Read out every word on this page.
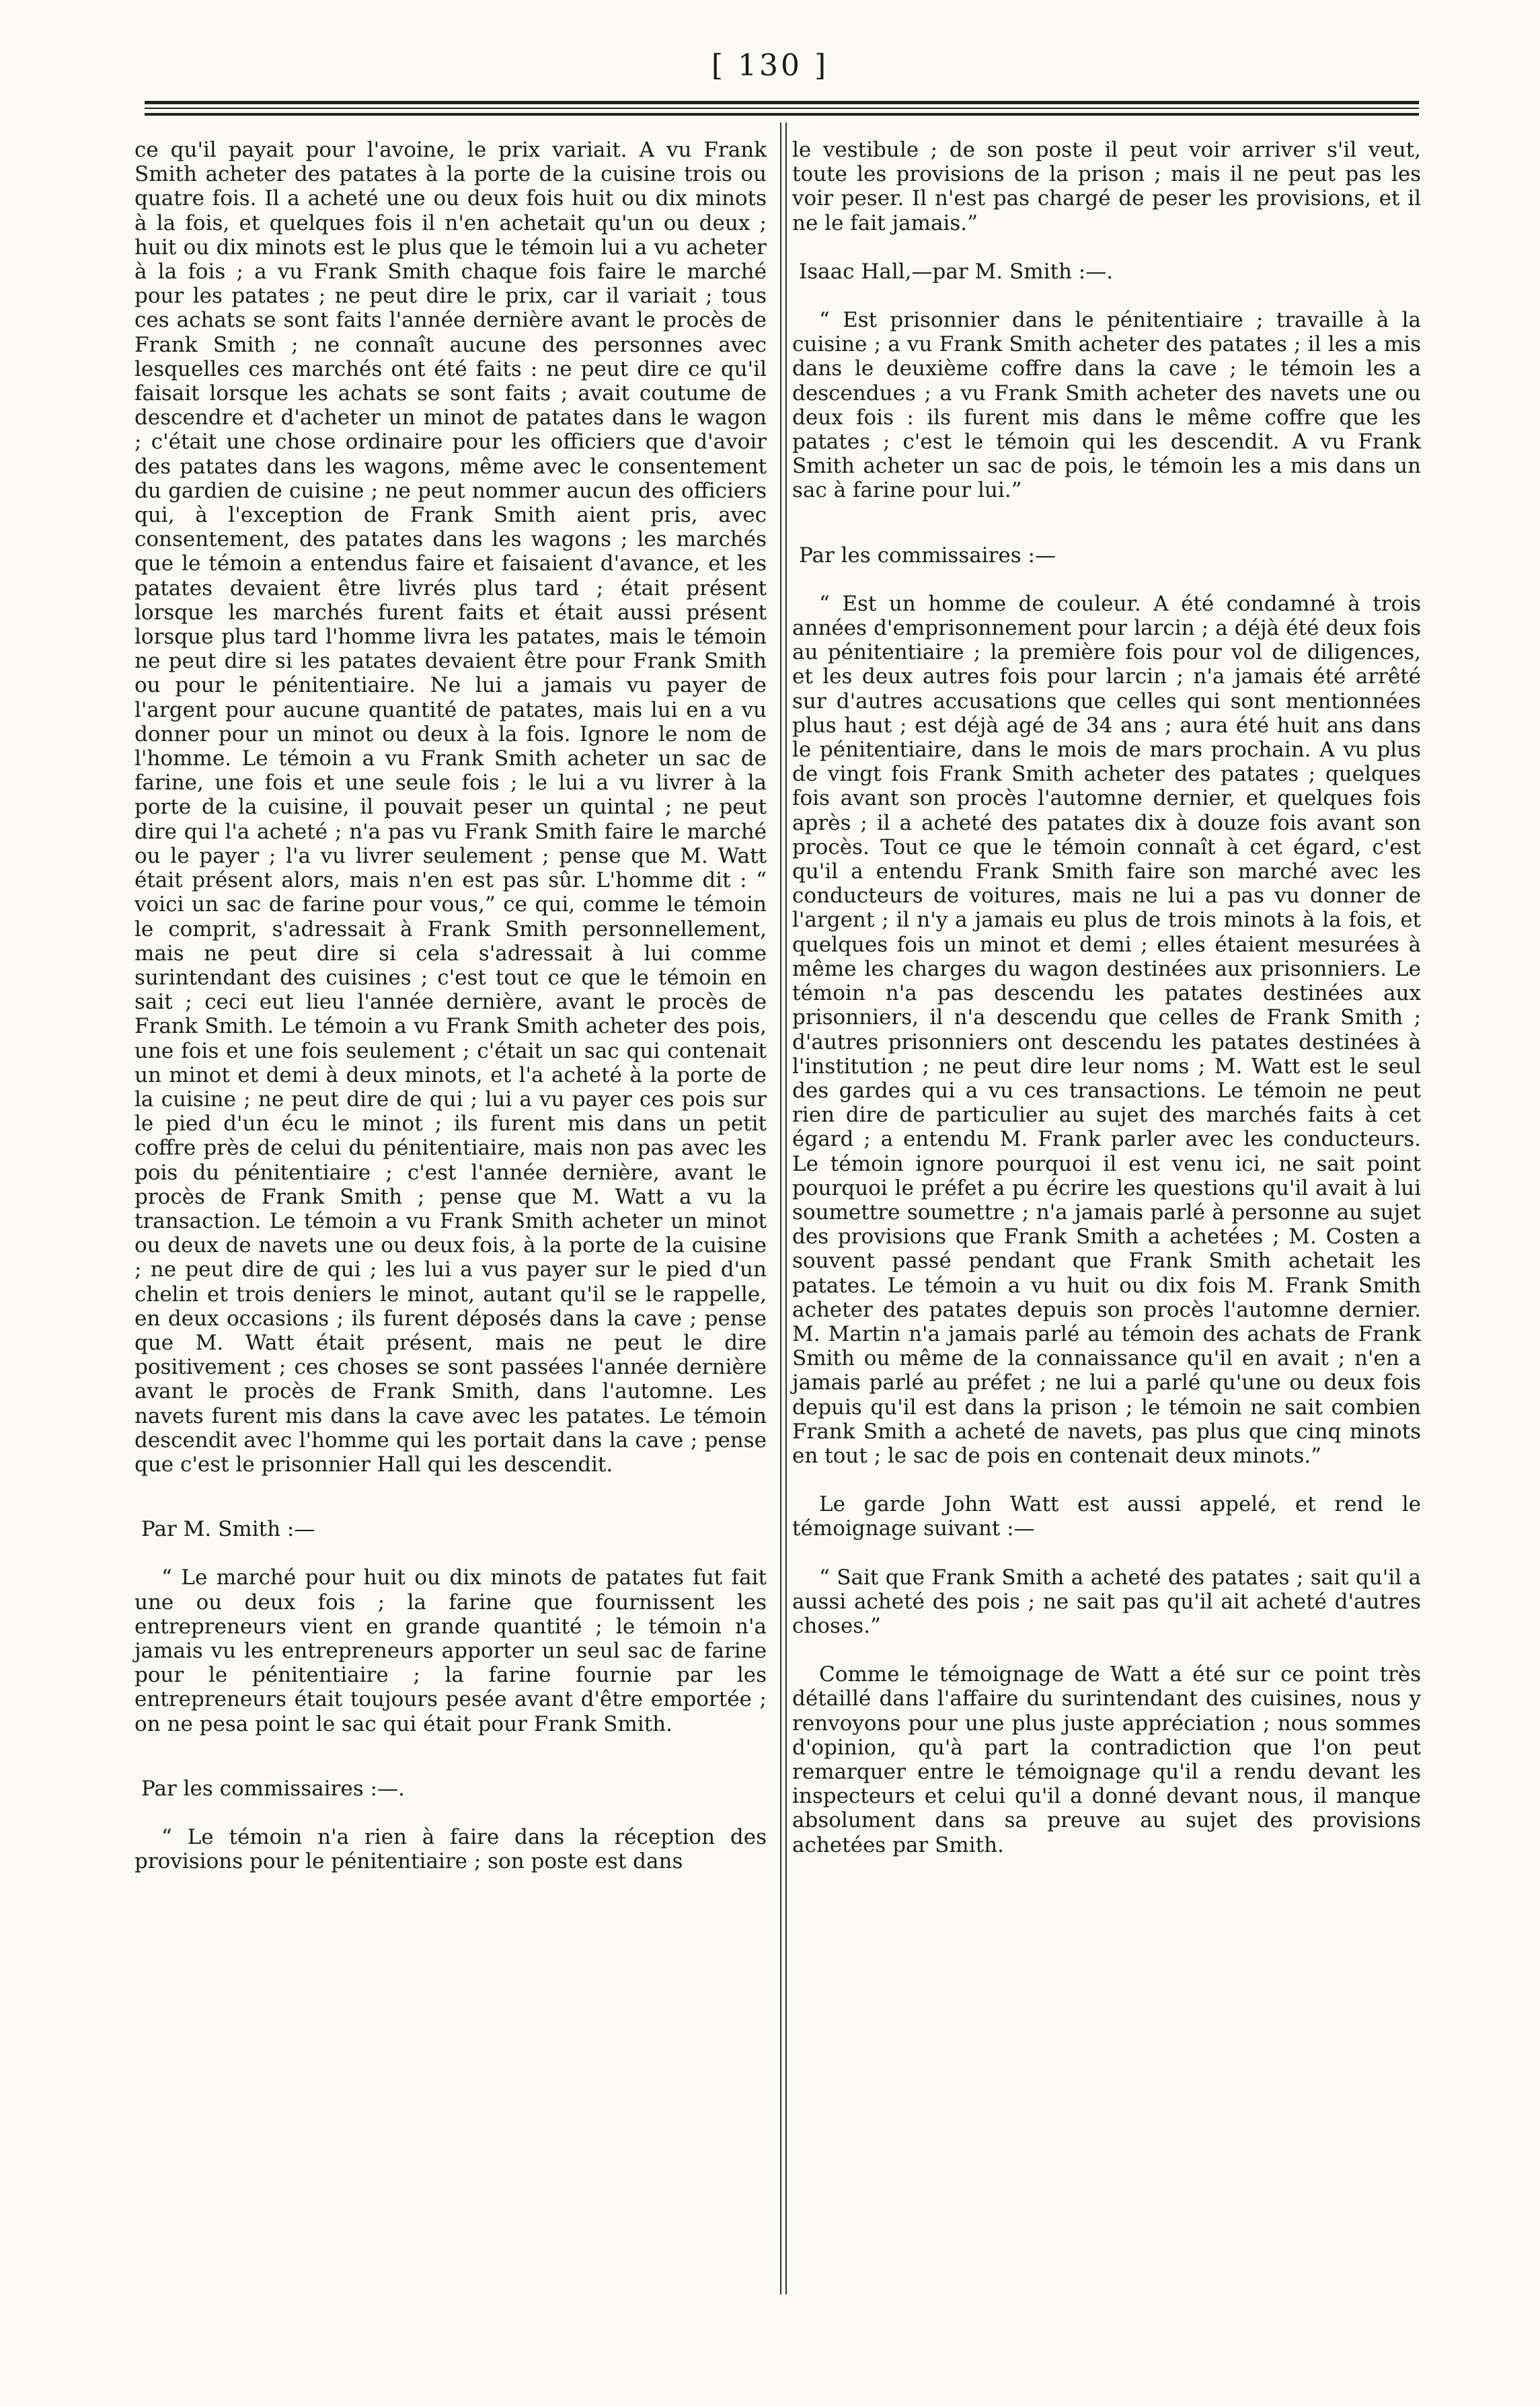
[ 130 ]

ce qu'il payait pour l'avoine, le prix variait. A vu Frank Smith acheter des patates à la porte de la cuisine trois ou quatre fois. Il a acheté une ou deux fois huit ou dix minots à la fois, et quelques fois il n'en achetait qu'un ou deux ; huit ou dix minots est le plus que le témoin lui a vu acheter à la fois ; a vu Frank Smith chaque fois faire le marché pour les patates ; ne peut dire le prix, car il variait ; tous ces achats se sont faits l'année dernière avant le procès de Frank Smith ; ne connaît aucune des personnes avec lesquelles ces marchés ont été faits : ne peut dire ce qu'il faisait lorsque les achats se sont faits ; avait coutume de descendre et d'acheter un minot de patates dans le wagon ; c'était une chose ordinaire pour les officiers que d'avoir des patates dans les wagons, même avec le consentement du gardien de cuisine ; ne peut nommer aucun des officiers qui, à l'exception de Frank Smith aient pris, avec consentement, des patates dans les wagons ; les marchés que le témoin a entendus faire et faisaient d'avance, et les patates devaient être livrés plus tard ; était présent lorsque les marchés furent faits et était aussi présent lorsque plus tard l'homme livra les patates, mais le témoin ne peut dire si les patates devaient être pour Frank Smith ou pour le pénitentiaire. Ne lui a jamais vu payer de l'argent pour aucune quantité de patates, mais lui en a vu donner pour un minot ou deux à la fois. Ignore le nom de l'homme. Le témoin a vu Frank Smith acheter un sac de farine, une fois et une seule fois ; le lui a vu livrer à la porte de la cuisine, il pouvait peser un quintal ; ne peut dire qui l'a acheté ; n'a pas vu Frank Smith faire le marché ou le payer ; l'a vu livrer seulement ; pense que M. Watt était présent alors, mais n'en est pas sûr. L'homme dit : “ voici un sac de farine pour vous,” ce qui, comme le témoin le comprit, s'adressait à Frank Smith personnellement, mais ne peut dire si cela s'adressait à lui comme surintendant des cuisines ; c'est tout ce que le témoin en sait ; ceci eut lieu l'année dernière, avant le procès de Frank Smith. Le témoin a vu Frank Smith acheter des pois, une fois et une fois seulement ; c'était un sac qui contenait un minot et demi à deux minots, et l'a acheté à la porte de la cuisine ; ne peut dire de qui ; lui a vu payer ces pois sur le pied d'un écu le minot ; ils furent mis dans un petit coffre près de celui du pénitentiaire, mais non pas avec les pois du pénitentiaire ; c'est l'année dernière, avant le procès de Frank Smith ; pense que M. Watt a vu la transaction. Le témoin a vu Frank Smith acheter un minot ou deux de navets une ou deux fois, à la porte de la cuisine ; ne peut dire de qui ; les lui a vus payer sur le pied d'un chelin et trois deniers le minot, autant qu'il se le rappelle, en deux occasions ; ils furent déposés dans la cave ; pense que M. Watt était présent, mais ne peut le dire positivement ; ces choses se sont passées l'année dernière avant le procès de Frank Smith, dans l'automne. Les navets furent mis dans la cave avec les patates. Le témoin descendit avec l'homme qui les portait dans la cave ; pense que c'est le prisonnier Hall qui les descendit.

Par M. Smith :—

“ Le marché pour huit ou dix minots de patates fut fait une ou deux fois ; la farine que fournissent les entrepreneurs vient en grande quantité ; le témoin n'a jamais vu les entrepreneurs apporter un seul sac de farine pour le pénitentiaire ; la farine fournie par les entrepreneurs était toujours pesée avant d'être emportée ; on ne pesa point le sac qui était pour Frank Smith.

Par les commissaires :—.

“ Le témoin n'a rien à faire dans la réception des provisions pour le pénitentiaire ; son poste est dans

le vestibule ; de son poste il peut voir arriver s'il veut, toute les provisions de la prison ; mais il ne peut pas les voir peser. Il n'est pas chargé de peser les provisions, et il ne le fait jamais.”

Isaac Hall,—par M. Smith :—.

“ Est prisonnier dans le pénitentiaire ; travaille à la cuisine ; a vu Frank Smith acheter des patates ; il les a mis dans le deuxième coffre dans la cave ; le témoin les a descendues ; a vu Frank Smith acheter des navets une ou deux fois : ils furent mis dans le même coffre que les patates ; c'est le témoin qui les descendit. A vu Frank Smith acheter un sac de pois, le témoin les a mis dans un sac à farine pour lui.”

Par les commissaires :—

“ Est un homme de couleur. A été condamné à trois années d'emprisonnement pour larcin ; a déjà été deux fois au pénitentiaire ; la première fois pour vol de diligences, et les deux autres fois pour larcin ; n'a jamais été arrêté sur d'autres accusations que celles qui sont mentionnées plus haut ; est déjà agé de 34 ans ; aura été huit ans dans le pénitentiaire, dans le mois de mars prochain. A vu plus de vingt fois Frank Smith acheter des patates ; quelques fois avant son procès l'automne dernier, et quelques fois après ; il a acheté des patates dix à douze fois avant son procès. Tout ce que le témoin connaît à cet égard, c'est qu'il a entendu Frank Smith faire son marché avec les conducteurs de voitures, mais ne lui a pas vu donner de l'argent ; il n'y a jamais eu plus de trois minots à la fois, et quelques fois un minot et demi ; elles étaient mesurées à même les charges du wagon destinées aux prisonniers. Le témoin n'a pas descendu les patates destinées aux prisonniers, il n'a descendu que celles de Frank Smith ; d'autres prisonniers ont descendu les patates destinées à l'institution ; ne peut dire leur noms ; M. Watt est le seul des gardes qui a vu ces transactions. Le témoin ne peut rien dire de particulier au sujet des marchés faits à cet égard ; a entendu M. Frank parler avec les conducteurs. Le témoin ignore pourquoi il est venu ici, ne sait point pourquoi le préfet a pu écrire les questions qu'il avait à lui soumettre soumettre ; n'a jamais parlé à personne au sujet des provisions que Frank Smith a achetées ; M. Costen a souvent passé pendant que Frank Smith achetait les patates. Le témoin a vu huit ou dix fois M. Frank Smith acheter des patates depuis son procès l'automne dernier. M. Martin n'a jamais parlé au témoin des achats de Frank Smith ou même de la connaissance qu'il en avait ; n'en a jamais parlé au préfet ; ne lui a parlé qu'une ou deux fois depuis qu'il est dans la prison ; le témoin ne sait combien Frank Smith a acheté de navets, pas plus que cinq minots en tout ; le sac de pois en contenait deux minots.”

Le garde John Watt est aussi appelé, et rend le témoignage suivant :—

“ Sait que Frank Smith a acheté des patates ; sait qu'il a aussi acheté des pois ; ne sait pas qu'il ait acheté d'autres choses.”

Comme le témoignage de Watt a été sur ce point très détaillé dans l'affaire du surintendant des cuisines, nous y renvoyons pour une plus juste appréciation ; nous sommes d'opinion, qu'à part la contradiction que l'on peut remarquer entre le témoignage qu'il a rendu devant les inspecteurs et celui qu'il a donné devant nous, il manque absolument dans sa preuve au sujet des provisions achetées par Smith.
